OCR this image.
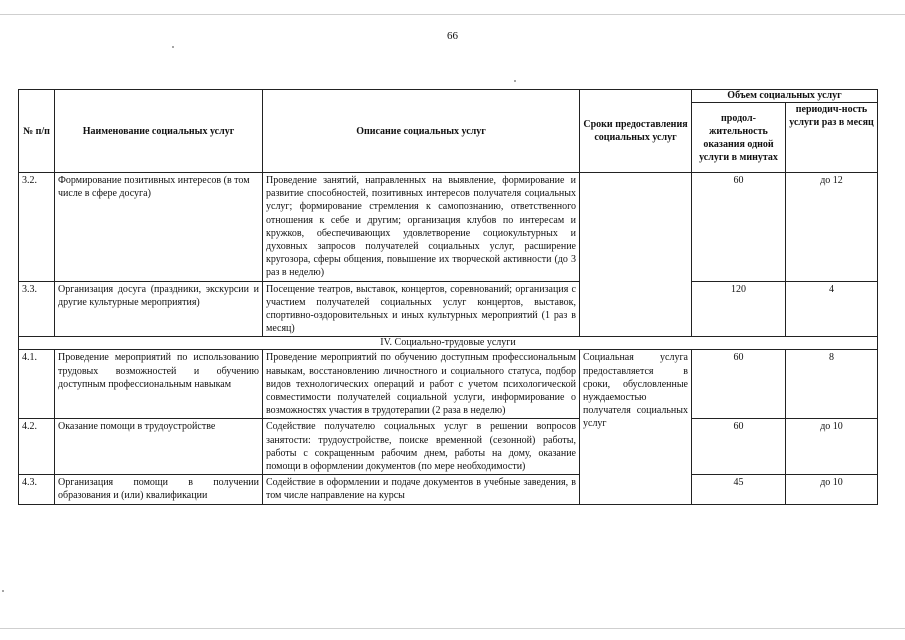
66
№ п/п	Наименование социальных услуг	Описание социальных услуг	Сроки предоставления социальных услуг	Объем социальных услуг	
				продол-жительность оказания одной услуги в минутах	периодич-ность услуги раз в месяц
3.2.	Формирование позитивных интересов (в том числе в сфере досуга)	Проведение занятий, направленных на выявление, формирование и развитие способностей, позитивных интересов получателя социальных услуг; формирование стремления к самопознанию, ответственного отношения к себе и другим; организация клубов по интересам и кружков, обеспечивающих удовлетворение социокультурных и духовных запросов получателей социальных услуг, расширение кругозора, сферы общения, повышение их творческой активности (до 3 раз в неделю)		60	до 12
3.3.	Организация досуга (праздники, экскурсии и другие культурные мероприятия)	Посещение театров, выставок, концертов, соревнований; организация с участием получателей социальных услуг концертов, выставок, спортивно-оздоровительных и иных культурных мероприятий (1 раз в месяц)		120	4
IV. Социально-трудовые услуги					
4.1.	Проведение мероприятий по использованию трудовых возможностей и обучению доступным профессиональным навыкам	Проведение мероприятий по обучению доступным профессиональным навыкам, восстановлению личностного и социального статуса, подбор видов технологических операций и работ с учетом психологической совместимости получателей социальной услуги, информирование о возможностях участия в трудотерапии (2 раза в неделю)	Социальная услуга предоставляется в сроки, обусловленные нуждаемостью получателя социальных услуг	60	8
4.2.	Оказание помощи в трудоустройстве	Содействие получателю социальных услуг в решении вопросов занятости: трудоустройстве, поиске временной (сезонной) работы, работы с сокращенным рабочим днем, работы на дому, оказание помощи в оформлении документов (по мере необходимости)		60	до 10
4.3.	Организация помощи в получении образования и (или) квалификации	Содействие в оформлении и подаче документов в учебные заведения, в том числе направление на курсы		45	до 10
